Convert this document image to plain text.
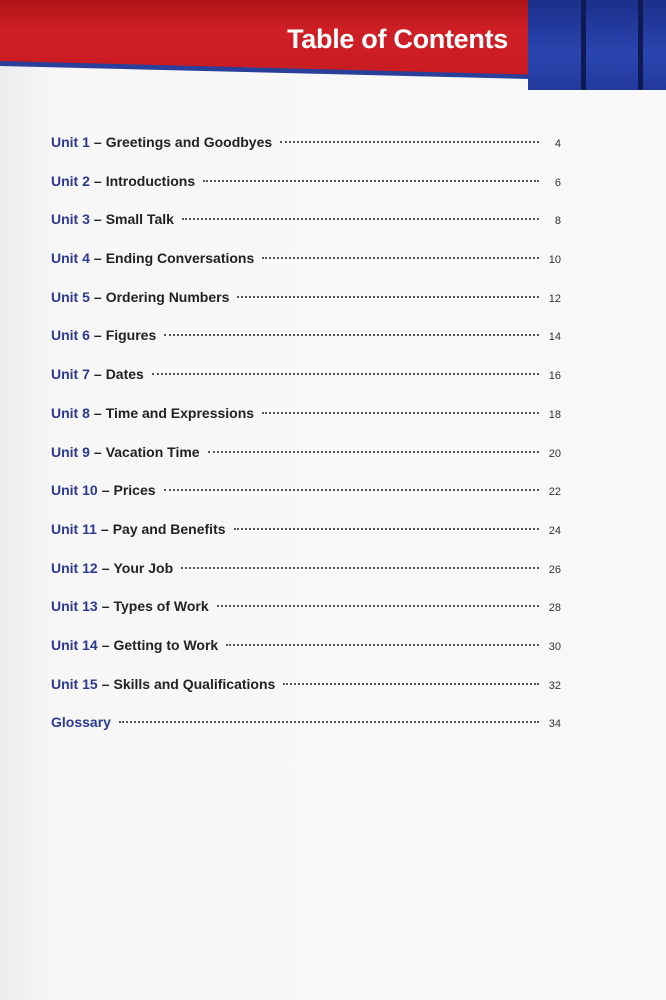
Table of Contents
Unit 1 – Greetings and Goodbyes	4
Unit 2 – Introductions	6
Unit 3 – Small Talk	8
Unit 4 – Ending Conversations	10
Unit 5 – Ordering Numbers	12
Unit 6 – Figures	14
Unit 7 – Dates	16
Unit 8 – Time and Expressions	18
Unit 9 – Vacation Time	20
Unit 10 – Prices	22
Unit 11 – Pay and Benefits	24
Unit 12 – Your Job	26
Unit 13 – Types of Work	28
Unit 14 – Getting to Work	30
Unit 15 – Skills and Qualifications	32
Glossary	34
